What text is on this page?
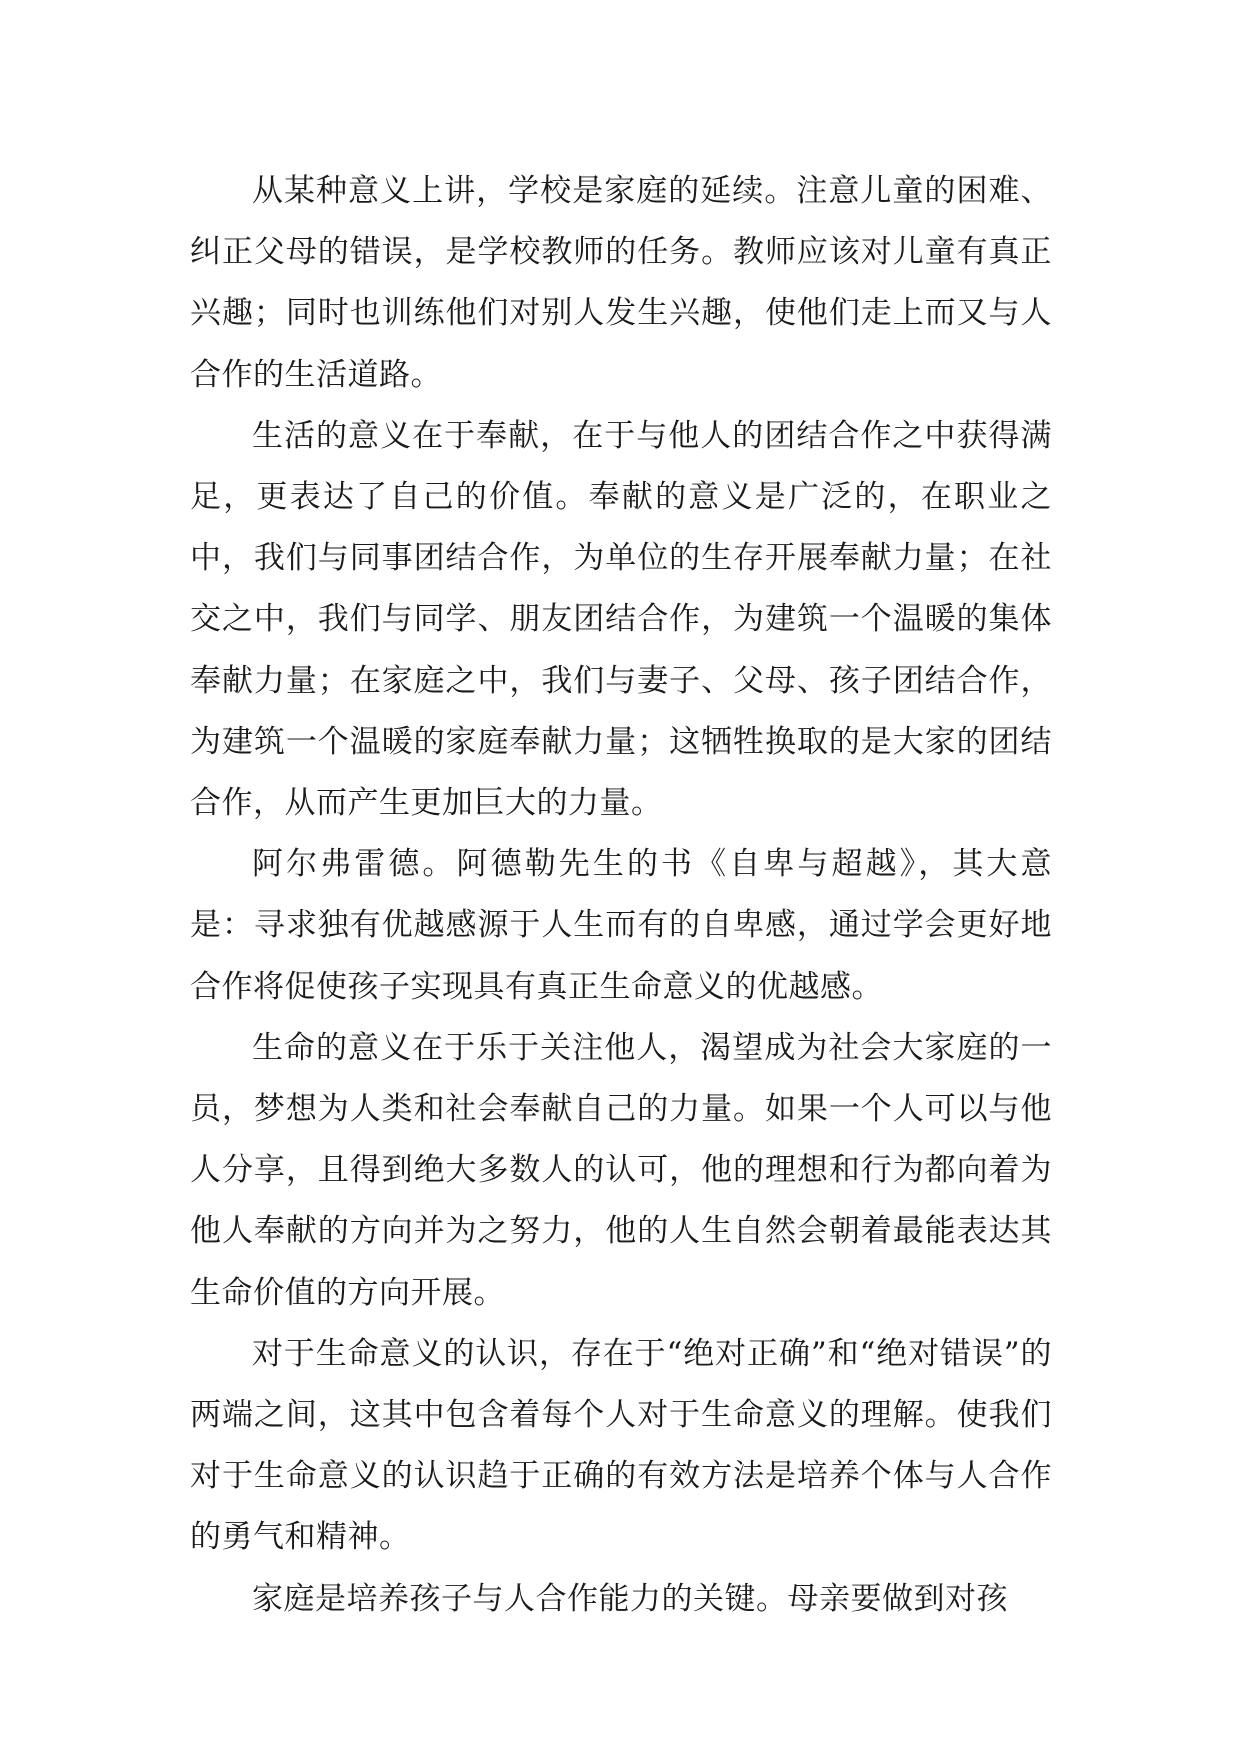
从某种意义上讲，学校是家庭的延续。注意儿童的困难、纠正父母的错误，是学校教师的任务。教师应该对儿童有真正兴趣；同时也训练他们对别人发生兴趣，使他们走上而又与人合作的生活道路。

生活的意义在于奉献，在于与他人的团结合作之中获得满足，更表达了自己的价值。奉献的意义是广泛的，在职业之中，我们与同事团结合作，为单位的生存开展奉献力量；在社交之中，我们与同学、朋友团结合作，为建筑一个温暖的集体奉献力量；在家庭之中，我们与妻子、父母、孩子团结合作，为建筑一个温暖的家庭奉献力量；这牺牲换取的是大家的团结合作，从而产生更加巨大的力量。

阿尔弗雷德。阿德勒先生的书《自卑与超越》，其大意是：寻求独有优越感源于人生而有的自卑感，通过学会更好地合作将促使孩子实现具有真正生命意义的优越感。

生命的意义在于乐于关注他人，渴望成为社会大家庭的一员，梦想为人类和社会奉献自己的力量。如果一个人可以与他人分享，且得到绝大多数人的认可，他的理想和行为都向着为他人奉献的方向并为之努力，他的人生自然会朝着最能表达其生命价值的方向开展。

对于生命意义的认识，存在于“绝对正确”和“绝对错误”的两端之间，这其中包含着每个人对于生命意义的理解。使我们对于生命意义的认识趋于正确的有效方法是培养个体与人合作的勇气和精神。

家庭是培养孩子与人合作能力的关键。母亲要做到对孩
